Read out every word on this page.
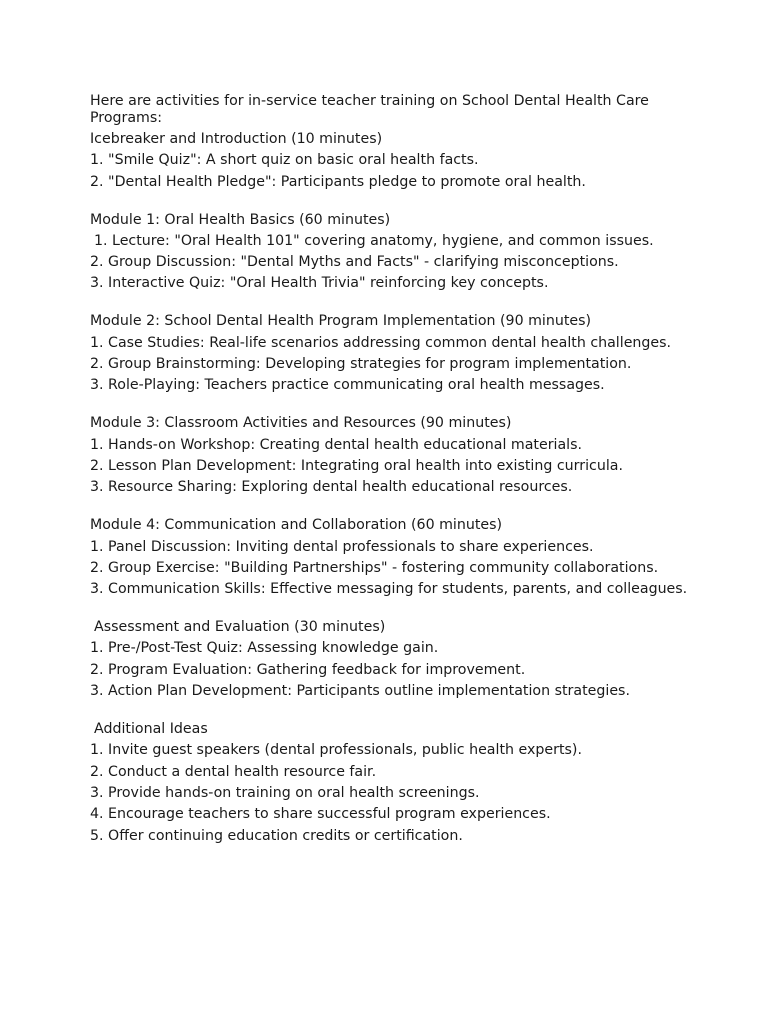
Here are activities for in-service teacher training on School Dental Health Care Programs:
Icebreaker and Introduction (10 minutes)
1. "Smile Quiz": A short quiz on basic oral health facts.
2. "Dental Health Pledge": Participants pledge to promote oral health.
Module 1: Oral Health Basics (60 minutes)
1. Lecture: "Oral Health 101" covering anatomy, hygiene, and common issues.
2. Group Discussion: "Dental Myths and Facts" - clarifying misconceptions.
3. Interactive Quiz: "Oral Health Trivia" reinforcing key concepts.
Module 2: School Dental Health Program Implementation (90 minutes)
1. Case Studies: Real-life scenarios addressing common dental health challenges.
2. Group Brainstorming: Developing strategies for program implementation.
3. Role-Playing: Teachers practice communicating oral health messages.
Module 3: Classroom Activities and Resources (90 minutes)
1. Hands-on Workshop: Creating dental health educational materials.
2. Lesson Plan Development: Integrating oral health into existing curricula.
3. Resource Sharing: Exploring dental health educational resources.
Module 4: Communication and Collaboration (60 minutes)
1. Panel Discussion: Inviting dental professionals to share experiences.
2. Group Exercise: "Building Partnerships" - fostering community collaborations.
3. Communication Skills: Effective messaging for students, parents, and colleagues.
Assessment and Evaluation (30 minutes)
1. Pre-/Post-Test Quiz: Assessing knowledge gain.
2. Program Evaluation: Gathering feedback for improvement.
3. Action Plan Development: Participants outline implementation strategies.
Additional Ideas
1. Invite guest speakers (dental professionals, public health experts).
2. Conduct a dental health resource fair.
3. Provide hands-on training on oral health screenings.
4. Encourage teachers to share successful program experiences.
5. Offer continuing education credits or certification.
